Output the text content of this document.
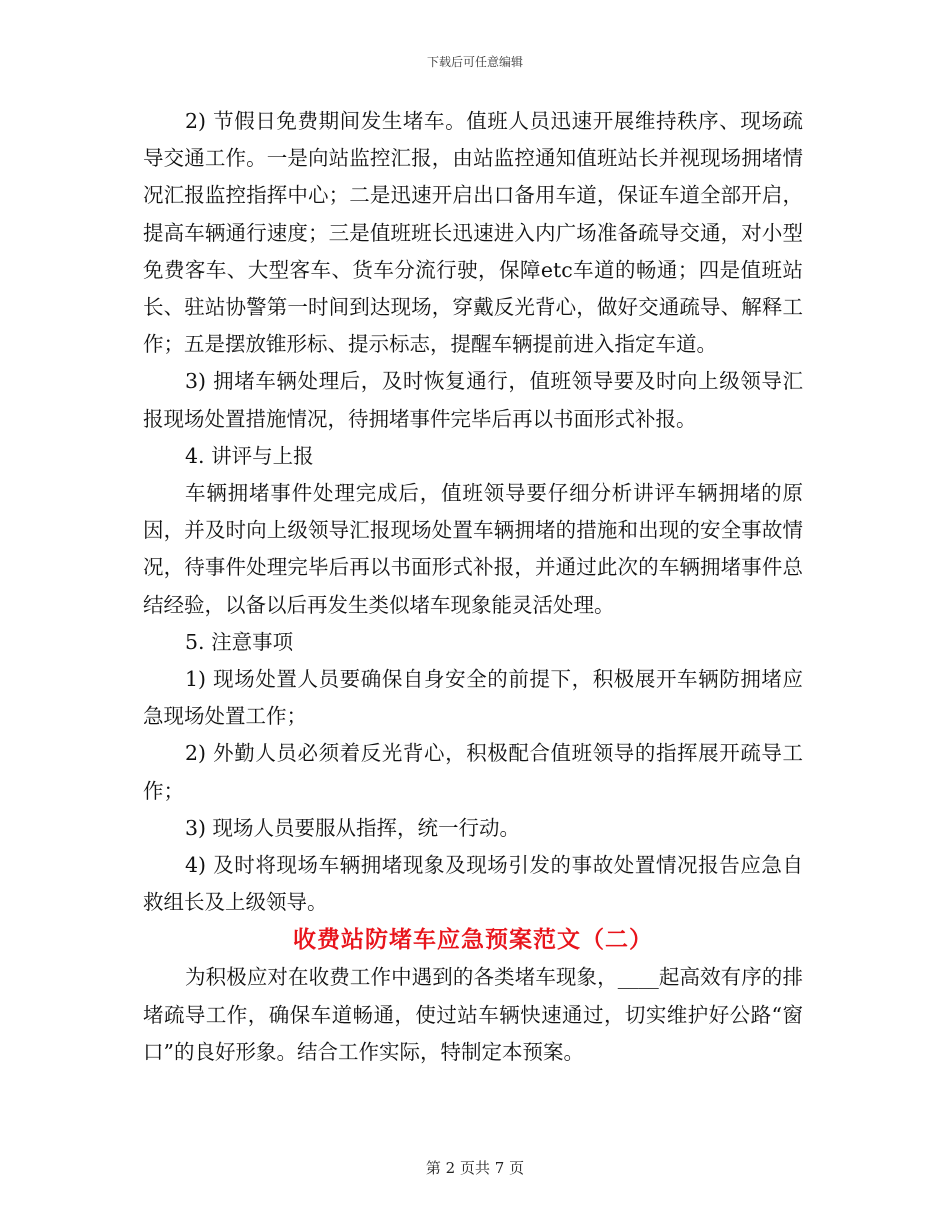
下载后可任意编辑

2) 节假日免费期间发生堵车。值班人员迅速开展维持秩序、现场疏导交通工作。一是向站监控汇报，由站监控通知值班站长并视现场拥堵情况汇报监控指挥中心；二是迅速开启出口备用车道，保证车道全部开启，提高车辆通行速度；三是值班班长迅速进入内广场准备疏导交通，对小型免费客车、大型客车、货车分流行驶，保障etc车道的畅通；四是值班站长、驻站协警第一时间到达现场，穿戴反光背心，做好交通疏导、解释工作；五是摆放锥形标、提示标志，提醒车辆提前进入指定车道。

3) 拥堵车辆处理后，及时恢复通行，值班领导要及时向上级领导汇报现场处置措施情况，待拥堵事件完毕后再以书面形式补报。

4. 讲评与上报

车辆拥堵事件处理完成后，值班领导要仔细分析讲评车辆拥堵的原因，并及时向上级领导汇报现场处置车辆拥堵的措施和出现的安全事故情况，待事件处理完毕后再以书面形式补报，并通过此次的车辆拥堵事件总结经验，以备以后再发生类似堵车现象能灵活处理。

5. 注意事项

1) 现场处置人员要确保自身安全的前提下，积极展开车辆防拥堵应急现场处置工作；

2) 外勤人员必须着反光背心，积极配合值班领导的指挥展开疏导工作；

3) 现场人员要服从指挥，统一行动。

4) 及时将现场车辆拥堵现象及现场引发的事故处置情况报告应急自救组长及上级领导。

收费站防堵车应急预案范文（二）

为积极应对在收费工作中遇到的各类堵车现象，____起高效有序的排堵疏导工作，确保车道畅通，使过站车辆快速通过，切实维护好公路“窗口”的良好形象。结合工作实际，特制定本预案。

第 2 页共 7 页
